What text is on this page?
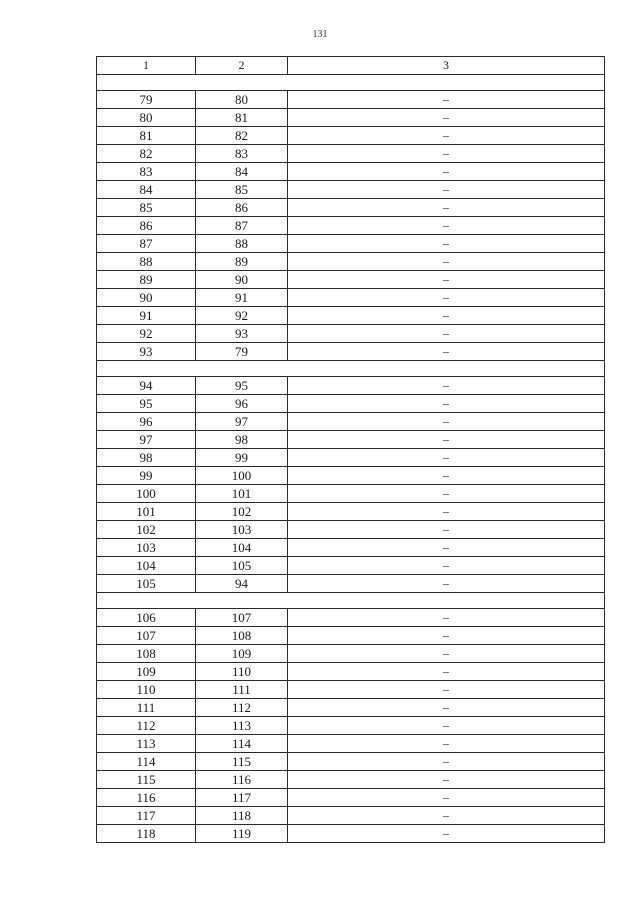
131
1	2	3

79	80	–
80	81	–
81	82	–
82	83	–
83	84	–
84	85	–
85	86	–
86	87	–
87	88	–
88	89	–
89	90	–
90	91	–
91	92	–
92	93	–
93	79	–

94	95	–
95	96	–
96	97	–
97	98	–
98	99	–
99	100	–
100	101	–
101	102	–
102	103	–
103	104	–
104	105	–
105	94	–

106	107	–
107	108	–
108	109	–
109	110	–
110	111	–
111	112	–
112	113	–
113	114	–
114	115	–
115	116	–
116	117	–
117	118	–
118	119	–
